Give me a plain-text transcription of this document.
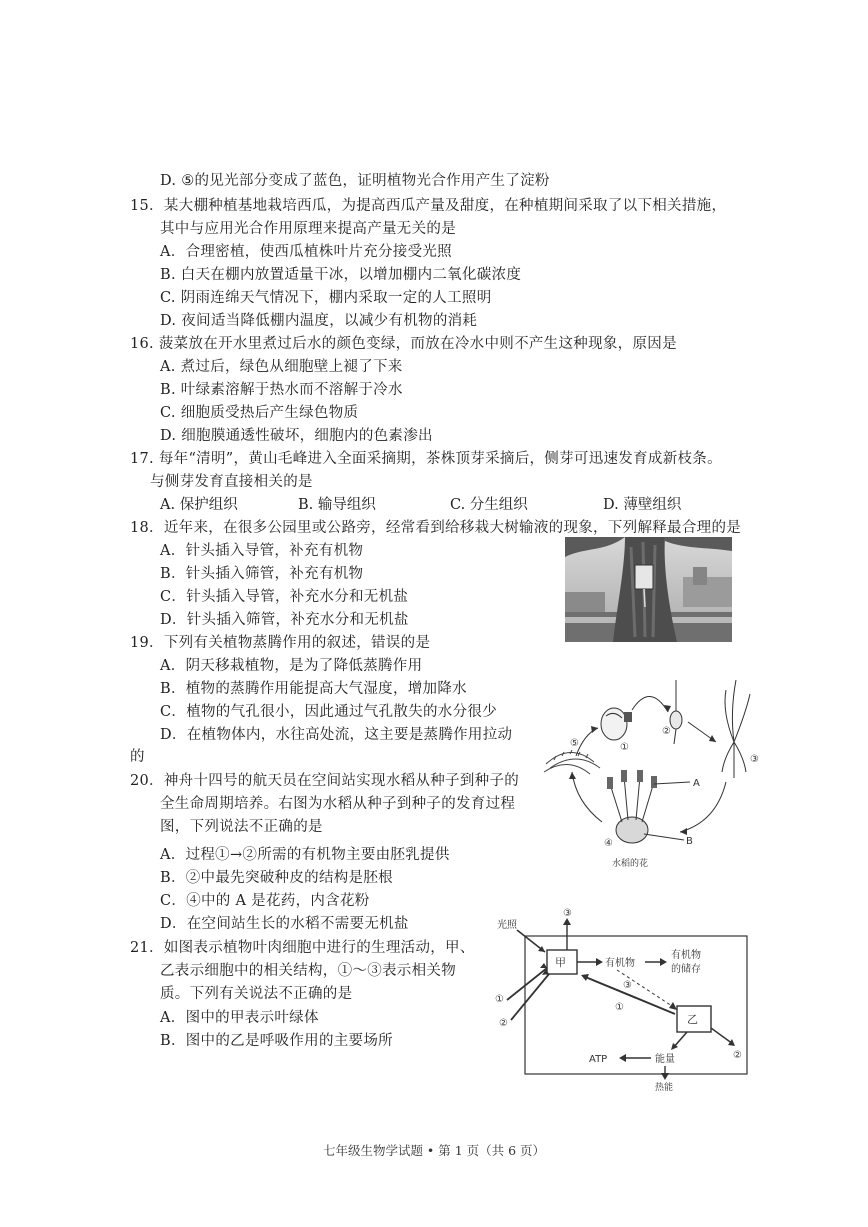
D. ⑤的见光部分变成了蓝色，证明植物光合作用产生了淀粉
15．某大棚种植基地栽培西瓜，为提高西瓜产量及甜度，在种植期间采取了以下相关措施，
其中与应用光合作用原理来提高产量无关的是
A．合理密植，使西瓜植株叶片充分接受光照
B. 白天在棚内放置适量干冰，以增加棚内二氧化碳浓度
C. 阴雨连绵天气情况下，棚内采取一定的人工照明
D. 夜间适当降低棚内温度，以减少有机物的消耗
16. 菠菜放在开水里煮过后水的颜色变绿，而放在冷水中则不产生这种现象，原因是
A. 煮过后，绿色从细胞壁上褪了下来
B. 叶绿素溶解于热水而不溶解于冷水
C. 细胞质受热后产生绿色物质
D. 细胞膜通透性破坏，细胞内的色素渗出
17. 每年“清明”，黄山毛峰进入全面采摘期，茶株顶芽采摘后，侧芽可迅速发育成新枝条。
与侧芽发育直接相关的是
A. 保护组织	B. 输导组织	C. 分生组织	D. 薄壁组织
18．近年来，在很多公园里或公路旁，经常看到给移栽大树输液的现象，下列解释最合理的是
A．针头插入导管，补充有机物
B．针头插入筛管，补充有机物
C．针头插入导管，补充水分和无机盐
D．针头插入筛管，补充水分和无机盐
19．下列有关植物蒸腾作用的叙述，错误的是
A．阴天移栽植物，是为了降低蒸腾作用
B．植物的蒸腾作用能提高大气湿度，增加降水
C．植物的气孔很小，因此通过气孔散失的水分很少
D．在植物体内，水往高处流，这主要是蒸腾作用拉动
的
20．神舟十四号的航天员在空间站实现水稻从种子到种子的
全生命周期培养。右图为水稻从种子到种子的发育过程
图，下列说法不正确的是
A．过程①→②所需的有机物主要由胚乳提供
B．②中最先突破种皮的结构是胚根
C．④中的 A 是花药，内含花粉
D．在空间站生长的水稻不需要无机盐
①
②
③
A
B
④
水稻的花
⑤
21．如图表示植物叶肉细胞中进行的生理活动，甲、
乙表示细胞中的相关结构，①～③表示相关物
质。下列有关说法不正确的是
A．图中的甲表示叶绿体
B．图中的乙是呼吸作用的主要场所
光照
甲
③
①
②
有机物
有机物
的储存
乙
③
①
②
能量
ATP
热能
七年级生物学试题 • 第 1 页（共 6 页）
